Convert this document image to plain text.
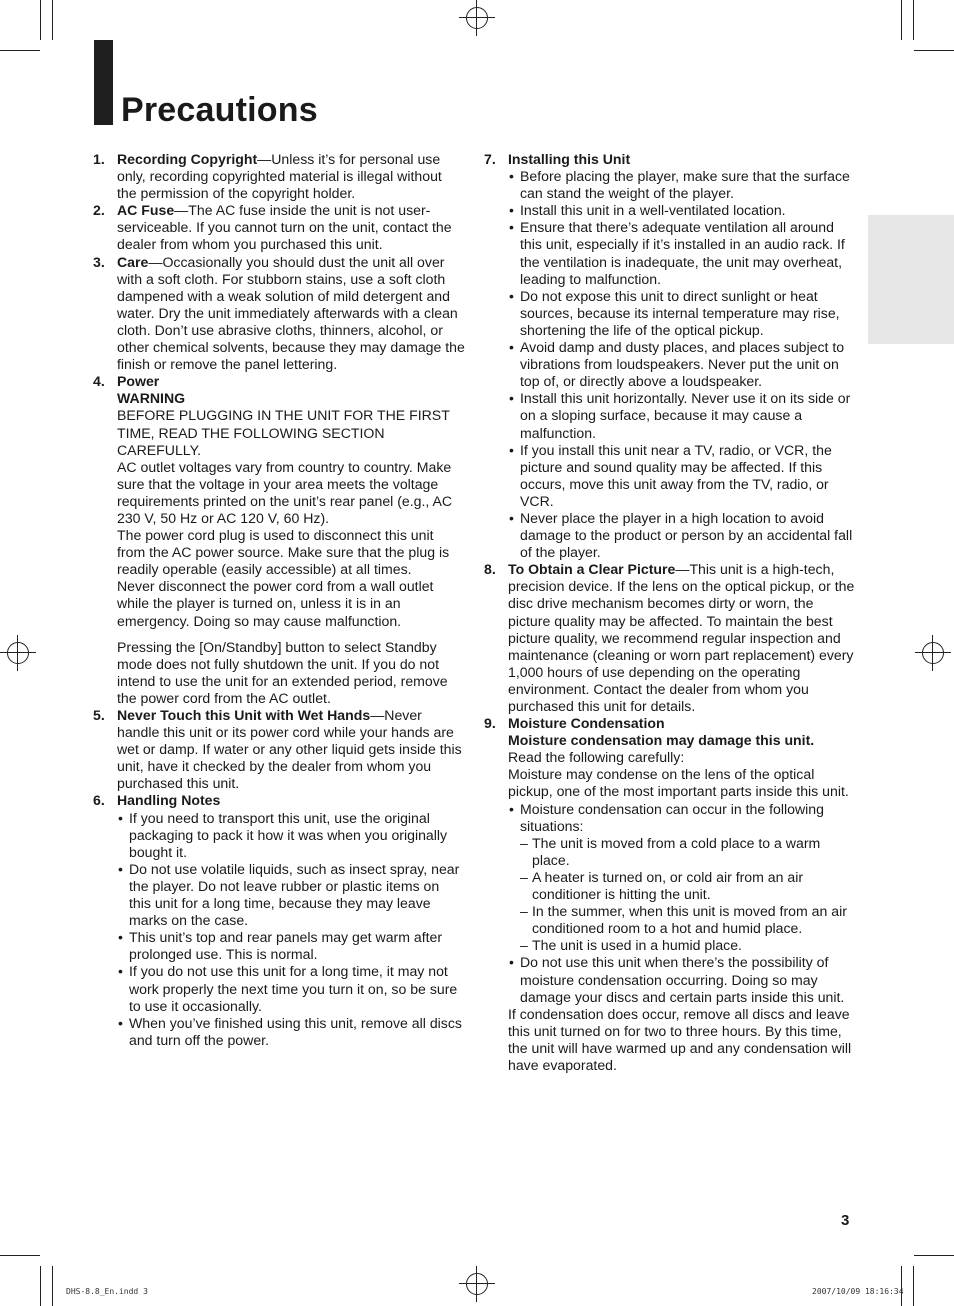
Precautions
1. Recording Copyright—Unless it’s for personal use only, recording copyrighted material is illegal without the permission of the copyright holder.
2. AC Fuse—The AC fuse inside the unit is not user-serviceable. If you cannot turn on the unit, contact the dealer from whom you purchased this unit.
3. Care—Occasionally you should dust the unit all over with a soft cloth. For stubborn stains, use a soft cloth dampened with a weak solution of mild detergent and water. Dry the unit immediately afterwards with a clean cloth. Don’t use abrasive cloths, thinners, alcohol, or other chemical solvents, because they may damage the finish or remove the panel lettering.
4. Power
WARNING
BEFORE PLUGGING IN THE UNIT FOR THE FIRST TIME, READ THE FOLLOWING SECTION CAREFULLY.
AC outlet voltages vary from country to country. Make sure that the voltage in your area meets the voltage requirements printed on the unit’s rear panel (e.g., AC 230 V, 50 Hz or AC 120 V, 60 Hz).
The power cord plug is used to disconnect this unit from the AC power source. Make sure that the plug is readily operable (easily accessible) at all times.
Never disconnect the power cord from a wall outlet while the player is turned on, unless it is in an emergency. Doing so may cause malfunction.
Pressing the [On/Standby] button to select Standby mode does not fully shutdown the unit. If you do not intend to use the unit for an extended period, remove the power cord from the AC outlet.
5. Never Touch this Unit with Wet Hands—Never handle this unit or its power cord while your hands are wet or damp. If water or any other liquid gets inside this unit, have it checked by the dealer from whom you purchased this unit.
6. Handling Notes
• If you need to transport this unit, use the original packaging to pack it how it was when you originally bought it.
• Do not use volatile liquids, such as insect spray, near the player. Do not leave rubber or plastic items on this unit for a long time, because they may leave marks on the case.
• This unit’s top and rear panels may get warm after prolonged use. This is normal.
• If you do not use this unit for a long time, it may not work properly the next time you turn it on, so be sure to use it occasionally.
• When you’ve finished using this unit, remove all discs and turn off the power.
7. Installing this Unit
• Before placing the player, make sure that the surface can stand the weight of the player.
• Install this unit in a well-ventilated location.
• Ensure that there’s adequate ventilation all around this unit, especially if it’s installed in an audio rack. If the ventilation is inadequate, the unit may overheat, leading to malfunction.
• Do not expose this unit to direct sunlight or heat sources, because its internal temperature may rise, shortening the life of the optical pickup.
• Avoid damp and dusty places, and places subject to vibrations from loudspeakers. Never put the unit on top of, or directly above a loudspeaker.
• Install this unit horizontally. Never use it on its side or on a sloping surface, because it may cause a malfunction.
• If you install this unit near a TV, radio, or VCR, the picture and sound quality may be affected. If this occurs, move this unit away from the TV, radio, or VCR.
• Never place the player in a high location to avoid damage to the product or person by an accidental fall of the player.
8. To Obtain a Clear Picture—This unit is a high-tech, precision device. If the lens on the optical pickup, or the disc drive mechanism becomes dirty or worn, the picture quality may be affected. To maintain the best picture quality, we recommend regular inspection and maintenance (cleaning or worn part replacement) every 1,000 hours of use depending on the operating environment. Contact the dealer from whom you purchased this unit for details.
9. Moisture Condensation
Moisture condensation may damage this unit.
Read the following carefully:
Moisture may condense on the lens of the optical pickup, one of the most important parts inside this unit.
• Moisture condensation can occur in the following situations:
– The unit is moved from a cold place to a warm place.
– A heater is turned on, or cold air from an air conditioner is hitting the unit.
– In the summer, when this unit is moved from an air conditioned room to a hot and humid place.
– The unit is used in a humid place.
• Do not use this unit when there’s the possibility of moisture condensation occurring. Doing so may damage your discs and certain parts inside this unit.
If condensation does occur, remove all discs and leave this unit turned on for two to three hours. By this time, the unit will have warmed up and any condensation will have evaporated.
3
DHS-8.8_En.indd 3	2007/10/09 18:16:34
